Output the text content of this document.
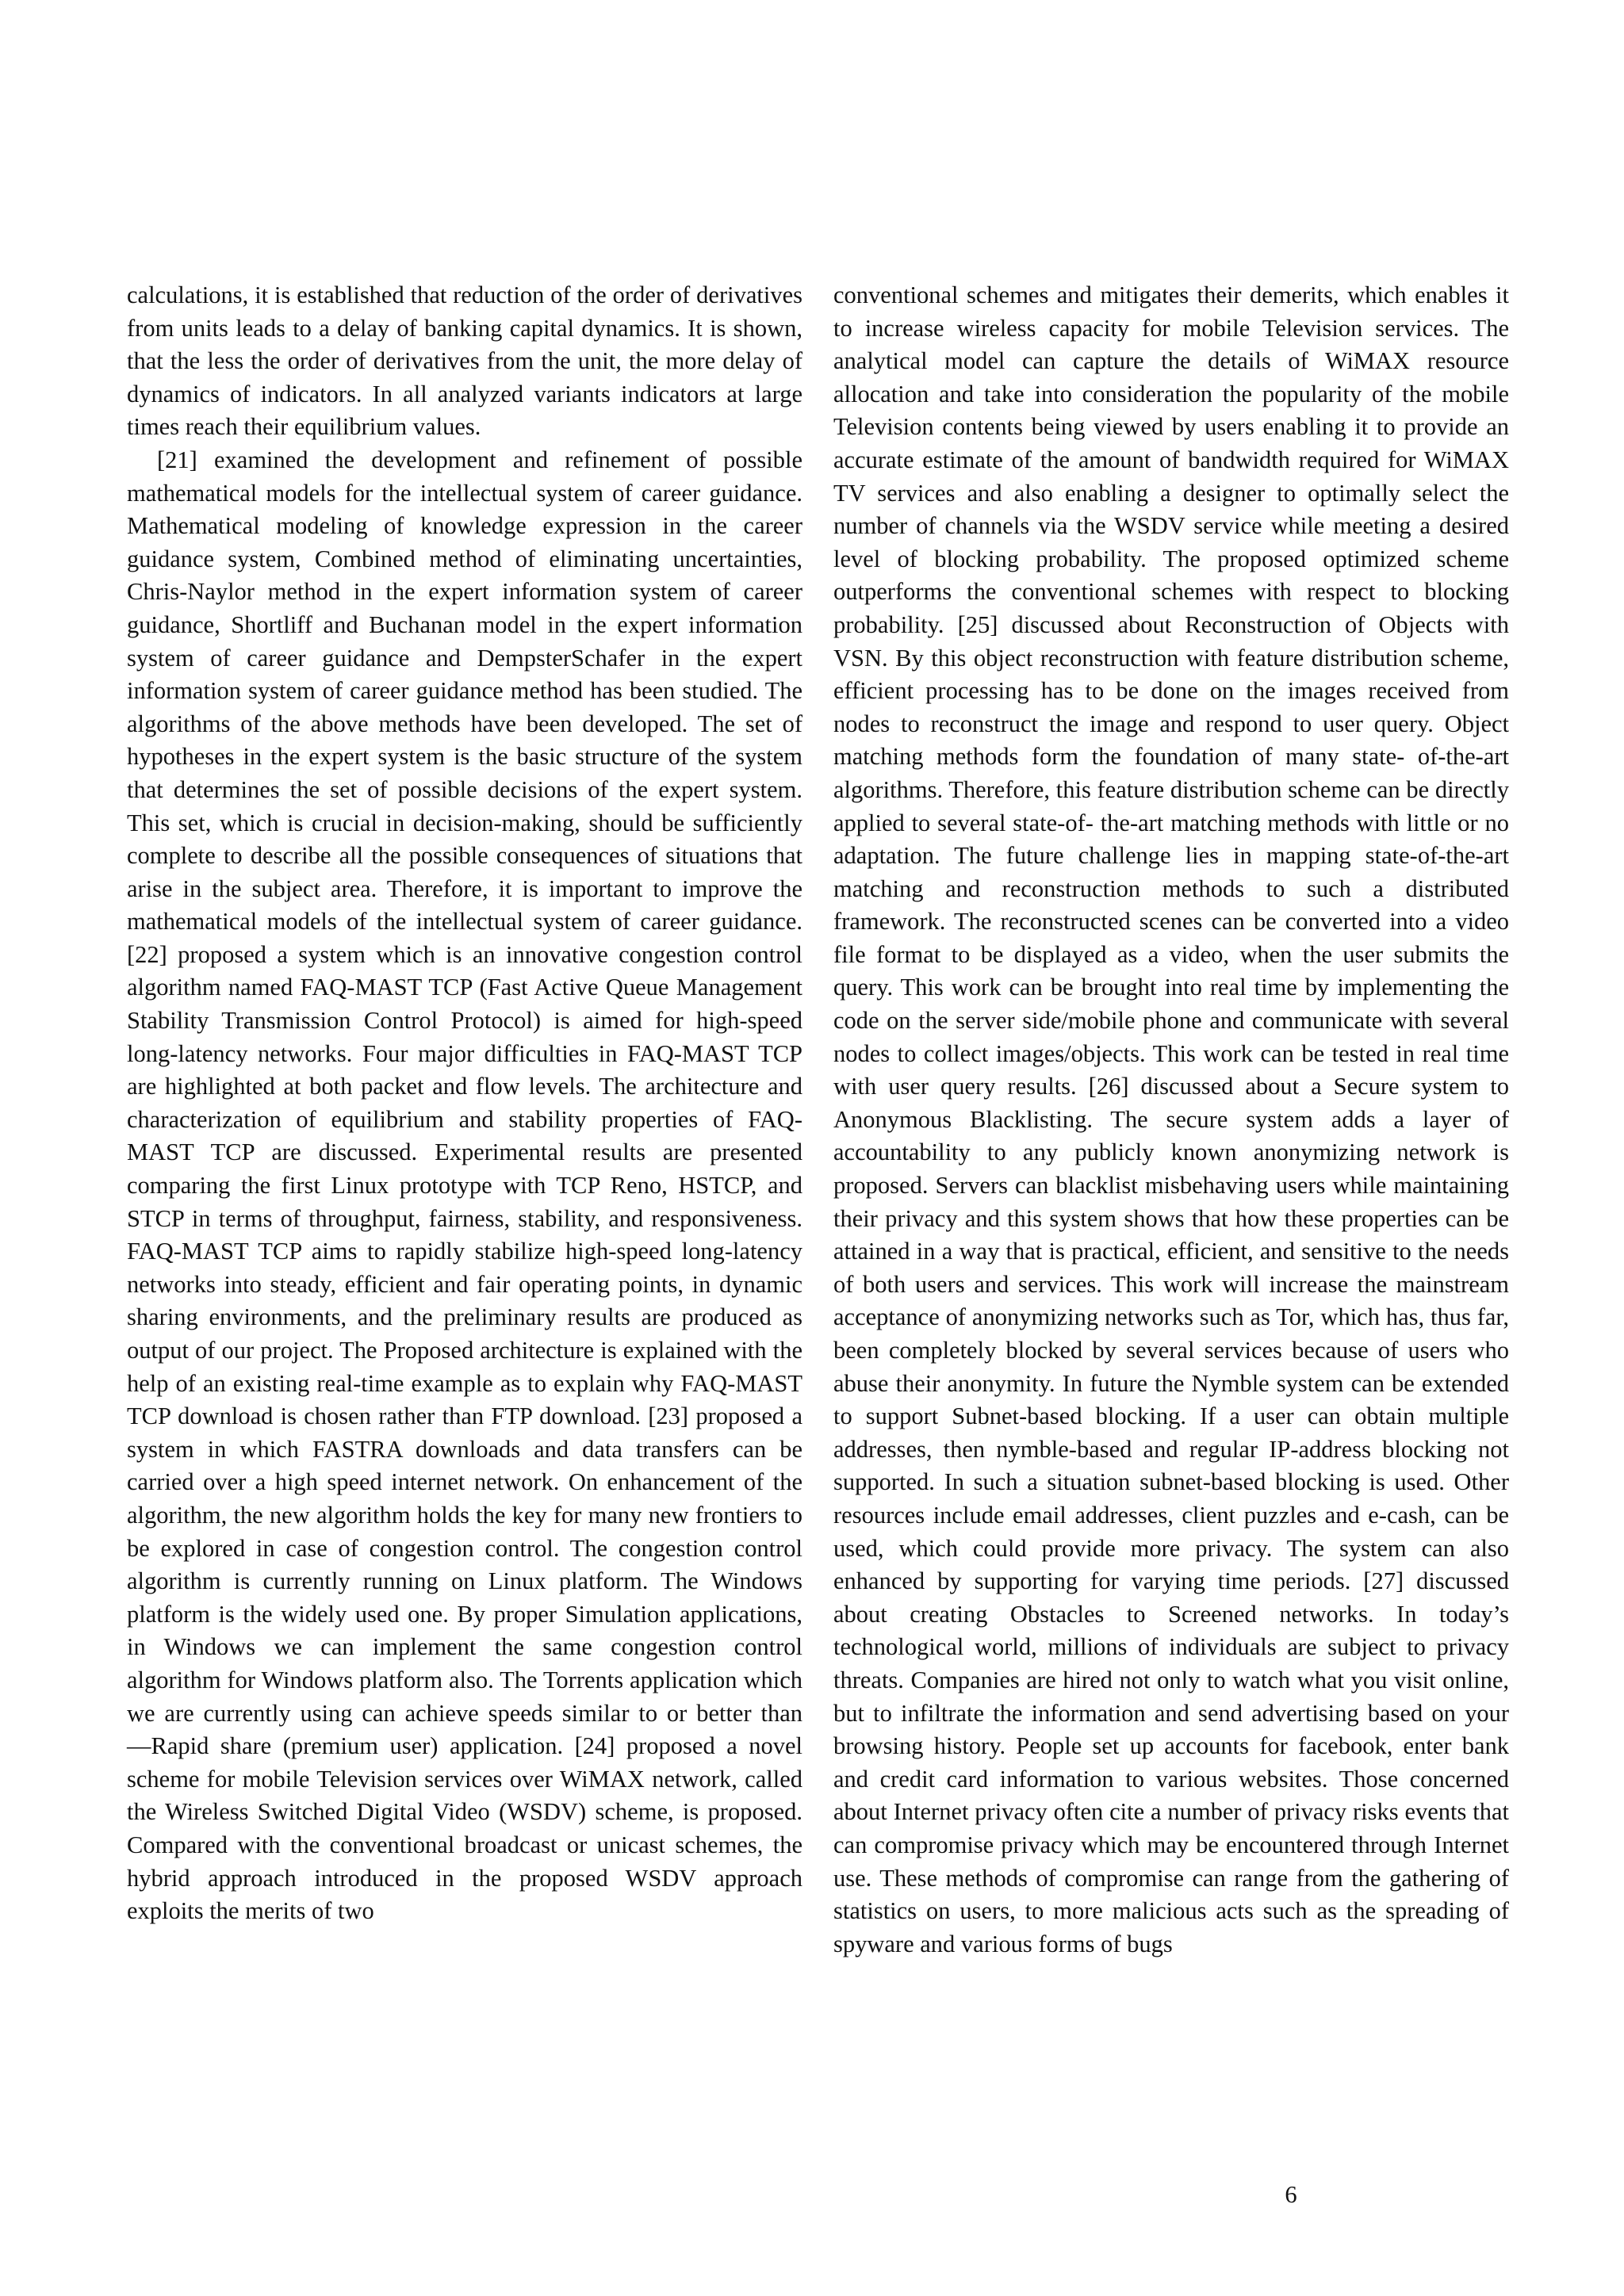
calculations, it is established that reduction of the order of derivatives from units leads to a delay of banking capital dynamics. It is shown, that the less the order of derivatives from the unit, the more delay of dynamics of indicators. In all analyzed variants indicators at large times reach their equilibrium values.

[21] examined the development and refinement of possible mathematical models for the intellectual system of career guidance. Mathematical modeling of knowledge expression in the career guidance system, Combined method of eliminating uncertainties, Chris-Naylor method in the expert information system of career guidance, Shortliff and Buchanan model in the expert information system of career guidance and DempsterSchafer in the expert information system of career guidance method has been studied. The algorithms of the above methods have been developed. The set of hypotheses in the expert system is the basic structure of the system that determines the set of possible decisions of the expert system. This set, which is crucial in decision-making, should be sufficiently complete to describe all the possible consequences of situations that arise in the subject area. Therefore, it is important to improve the mathematical models of the intellectual system of career guidance. [22] proposed a system which is an innovative congestion control algorithm named FAQ-MAST TCP (Fast Active Queue Management Stability Transmission Control Protocol) is aimed for high-speed long-latency networks. Four major difficulties in FAQ-MAST TCP are highlighted at both packet and flow levels. The architecture and characterization of equilibrium and stability properties of FAQ-MAST TCP are discussed. Experimental results are presented comparing the first Linux prototype with TCP Reno, HSTCP, and STCP in terms of throughput, fairness, stability, and responsiveness. FAQ-MAST TCP aims to rapidly stabilize high-speed long-latency networks into steady, efficient and fair operating points, in dynamic sharing environments, and the preliminary results are produced as output of our project. The Proposed architecture is explained with the help of an existing real-time example as to explain why FAQ-MAST TCP download is chosen rather than FTP download. [23] proposed a system in which FASTRA downloads and data transfers can be carried over a high speed internet network. On enhancement of the algorithm, the new algorithm holds the key for many new frontiers to be explored in case of congestion control. The congestion control algorithm is currently running on Linux platform. The Windows platform is the widely used one. By proper Simulation applications, in Windows we can implement the same congestion control algorithm for Windows platform also. The Torrents application which we are currently using can achieve speeds similar to or better than ―Rapid share (premium user) application. [24] proposed a novel scheme for mobile Television services over WiMAX network, called the Wireless Switched Digital Video (WSDV) scheme, is proposed. Compared with the conventional broadcast or unicast schemes, the hybrid approach introduced in the proposed WSDV approach exploits the merits of two

conventional schemes and mitigates their demerits, which enables it to increase wireless capacity for mobile Television services. The analytical model can capture the details of WiMAX resource allocation and take into consideration the popularity of the mobile Television contents being viewed by users enabling it to provide an accurate estimate of the amount of bandwidth required for WiMAX TV services and also enabling a designer to optimally select the number of channels via the WSDV service while meeting a desired level of blocking probability. The proposed optimized scheme outperforms the conventional schemes with respect to blocking probability. [25] discussed about Reconstruction of Objects with VSN. By this object reconstruction with feature distribution scheme, efficient processing has to be done on the images received from nodes to reconstruct the image and respond to user query. Object matching methods form the foundation of many state- of-the-art algorithms. Therefore, this feature distribution scheme can be directly applied to several state-of- the-art matching methods with little or no adaptation. The future challenge lies in mapping state-of-the-art matching and reconstruction methods to such a distributed framework. The reconstructed scenes can be converted into a video file format to be displayed as a video, when the user submits the query. This work can be brought into real time by implementing the code on the server side/mobile phone and communicate with several nodes to collect images/objects. This work can be tested in real time with user query results. [26] discussed about a Secure system to Anonymous Blacklisting. The secure system adds a layer of accountability to any publicly known anonymizing network is proposed. Servers can blacklist misbehaving users while maintaining their privacy and this system shows that how these properties can be attained in a way that is practical, efficient, and sensitive to the needs of both users and services. This work will increase the mainstream acceptance of anonymizing networks such as Tor, which has, thus far, been completely blocked by several services because of users who abuse their anonymity. In future the Nymble system can be extended to support Subnet-based blocking. If a user can obtain multiple addresses, then nymble-based and regular IP-address blocking not supported. In such a situation subnet-based blocking is used. Other resources include email addresses, client puzzles and e-cash, can be used, which could provide more privacy. The system can also enhanced by supporting for varying time periods. [27] discussed about creating Obstacles to Screened networks. In today’s technological world, millions of individuals are subject to privacy threats. Companies are hired not only to watch what you visit online, but to infiltrate the information and send advertising based on your browsing history. People set up accounts for facebook, enter bank and credit card information to various websites. Those concerned about Internet privacy often cite a number of privacy risks events that can compromise privacy which may be encountered through Internet use. These methods of compromise can range from the gathering of statistics on users, to more malicious acts such as the spreading of spyware and various forms of bugs

6
